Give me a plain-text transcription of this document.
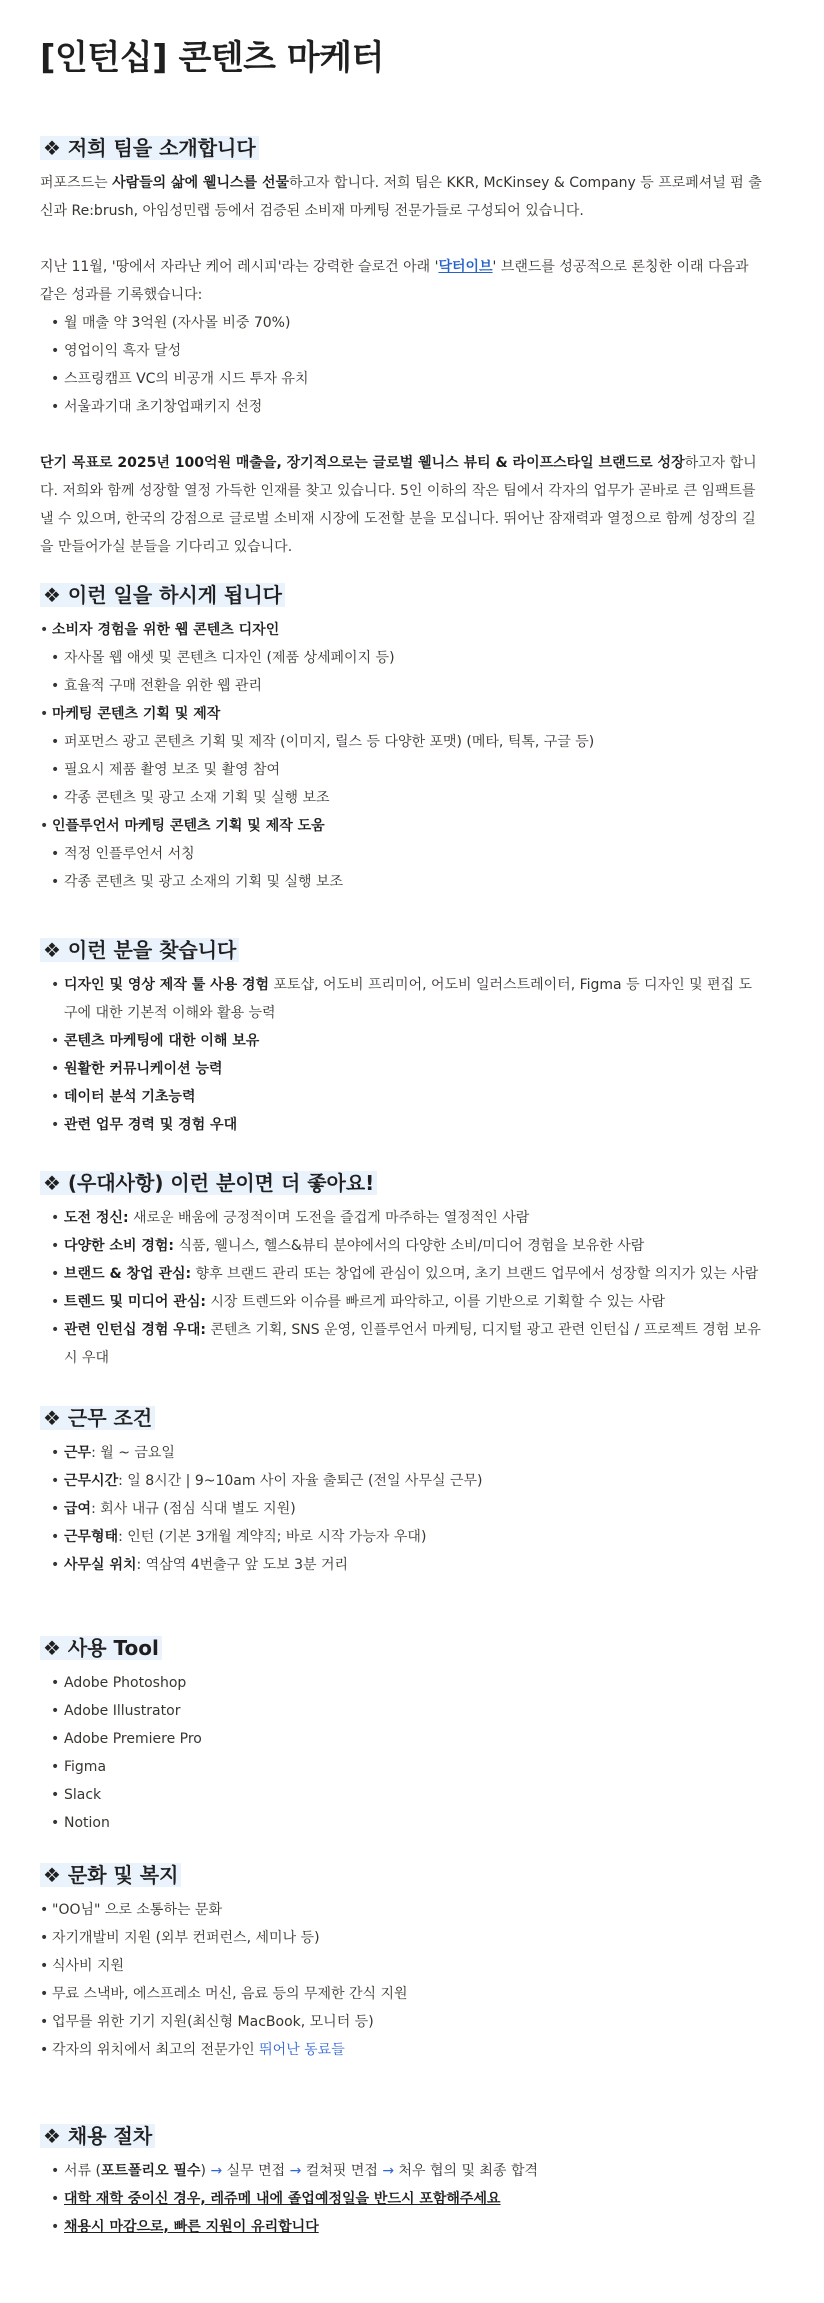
[인턴십] 콘텐츠 마케터
❖ 저희 팀을 소개합니다

퍼포즈드는 사람들의 삶에 웰니스를 선물하고자 합니다. 저희 팀은 KKR, McKinsey & Company 등 프로페셔널 펌 출신과 Re:brush, 아임성민랩 등에서 검증된 소비재 마케팅 전문가들로 구성되어 있습니다.

지난 11월, '땅에서 자라난 케어 레시피'라는 강력한 슬로건 아래 '닥터이브' 브랜드를 성공적으로 론칭한 이래 다음과 같은 성과를 기록했습니다:

• 월 매출 약 3억원 (자사몰 비중 70%)
• 영업이익 흑자 달성
• 스프링캠프 VC의 비공개 시드 투자 유치
• 서울과기대 초기창업패키지 선정

단기 목표로 2025년 100억원 매출을, 장기적으로는 글로벌 웰니스 뷰티 & 라이프스타일 브랜드로 성장하고자 합니다. 저희와 함께 성장할 열정 가득한 인재를 찾고 있습니다. 5인 이하의 작은 팀에서 각자의 업무가 곧바로 큰 임팩트를 낼 수 있으며, 한국의 강점으로 글로벌 소비재 시장에 도전할 분을 모십니다. 뛰어난 잠재력과 열정으로 함께 성장의 길을 만들어가실 분들을 기다리고 있습니다.

❖ 이런 일을 하시게 됩니다
• 소비자 경험을 위한 웹 콘텐츠 디자인
• 자사몰 웹 애셋 및 콘텐츠 디자인 (제품 상세페이지 등)
• 효율적 구매 전환을 위한 웹 관리
• 마케팅 콘텐츠 기획 및 제작
• 퍼포먼스 광고 콘텐츠 기획 및 제작 (이미지, 릴스 등 다양한 포맷) (메타, 틱톡, 구글 등)
• 필요시 제품 촬영 보조 및 촬영 참여
• 각종 콘텐츠 및 광고 소재 기획 및 실행 보조
• 인플루언서 마케팅 콘텐츠 기획 및 제작 도움
• 적정 인플루언서 서칭
• 각종 콘텐츠 및 광고 소재의 기획 및 실행 보조
❖ 이런 분을 찾습니다
• 디자인 및 영상 제작 툴 사용 경험 포토샵, 어도비 프리미어, 어도비 일러스트레이터, Figma 등 디자인 및 편집 도구에 대한 기본적 이해와 활용 능력
• 콘텐츠 마케팅에 대한 이해 보유
• 원활한 커뮤니케이션 능력
• 데이터 분석 기초능력
• 관련 업무 경력 및 경험 우대
❖ (우대사항) 이런 분이면 더 좋아요!
• 도전 정신: 새로운 배움에 긍정적이며 도전을 즐겁게 마주하는 열정적인 사람
• 다양한 소비 경험: 식품, 웰니스, 헬스&뷰티 분야에서의 다양한 소비/미디어 경험을 보유한 사람
• 브랜드 & 창업 관심: 향후 브랜드 관리 또는 창업에 관심이 있으며, 초기 브랜드 업무에서 성장할 의지가 있는 사람
• 트렌드 및 미디어 관심: 시장 트렌드와 이슈를 빠르게 파악하고, 이를 기반으로 기획할 수 있는 사람
• 관련 인턴십 경험 우대: 콘텐츠 기획, SNS 운영, 인플루언서 마케팅, 디지털 광고 관련 인턴십 / 프로젝트 경험 보유 시 우대
❖ 근무 조건
• 근무: 월 ~ 금요일
• 근무시간: 일 8시간 | 9~10am 사이 자율 출퇴근 (전일 사무실 근무)
• 급여: 회사 내규 (점심 식대 별도 지원)
• 근무형태: 인턴 (기본 3개월 계약직; 바로 시작 가능자 우대)
• 사무실 위치: 역삼역 4번출구 앞 도보 3분 거리
❖ 사용 Tool
• Adobe Photoshop
• Adobe Illustrator
• Adobe Premiere Pro
• Figma
• Slack
• Notion
❖ 문화 및 복지
• "OO님" 으로 소통하는 문화
• 자기개발비 지원 (외부 컨퍼런스, 세미나 등)
• 식사비 지원
• 무료 스낵바, 에스프레소 머신, 음료 등의 무제한 간식 지원
• 업무를 위한 기기 지원(최신형 MacBook, 모니터 등)
• 각자의 위치에서 최고의 전문가인 뛰어난 동료들
❖ 채용 절차
• 서류 (포트폴리오 필수) → 실무 면접 → 컬쳐핏 면접 → 처우 협의 및 최종 합격
• 대학 재학 중이신 경우, 레쥬메 내에 졸업예정일을 반드시 포함해주세요
• 채용시 마감으로, 빠른 지원이 유리합니다
